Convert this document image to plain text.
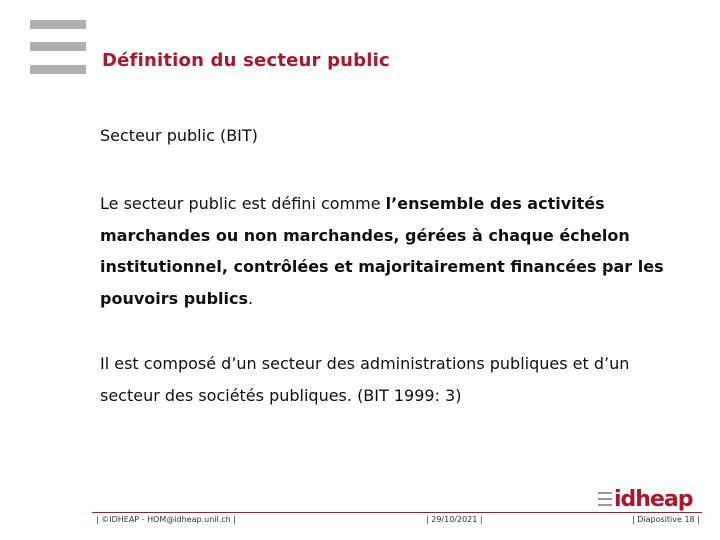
Définition du secteur public
Secteur public (BIT)
Le secteur public est défini comme l’ensemble des activités marchandes ou non marchandes, gérées à chaque échelon institutionnel, contrôlées et majoritairement financées par les pouvoirs publics.
Il est composé d’un secteur des administrations publiques et d’un secteur des sociétés publiques. (BIT 1999: 3)
idheap
| ©IDHEAP - HOM@idheap.unil.ch |	| 29/10/2021 |	| Diapositive 18 |
